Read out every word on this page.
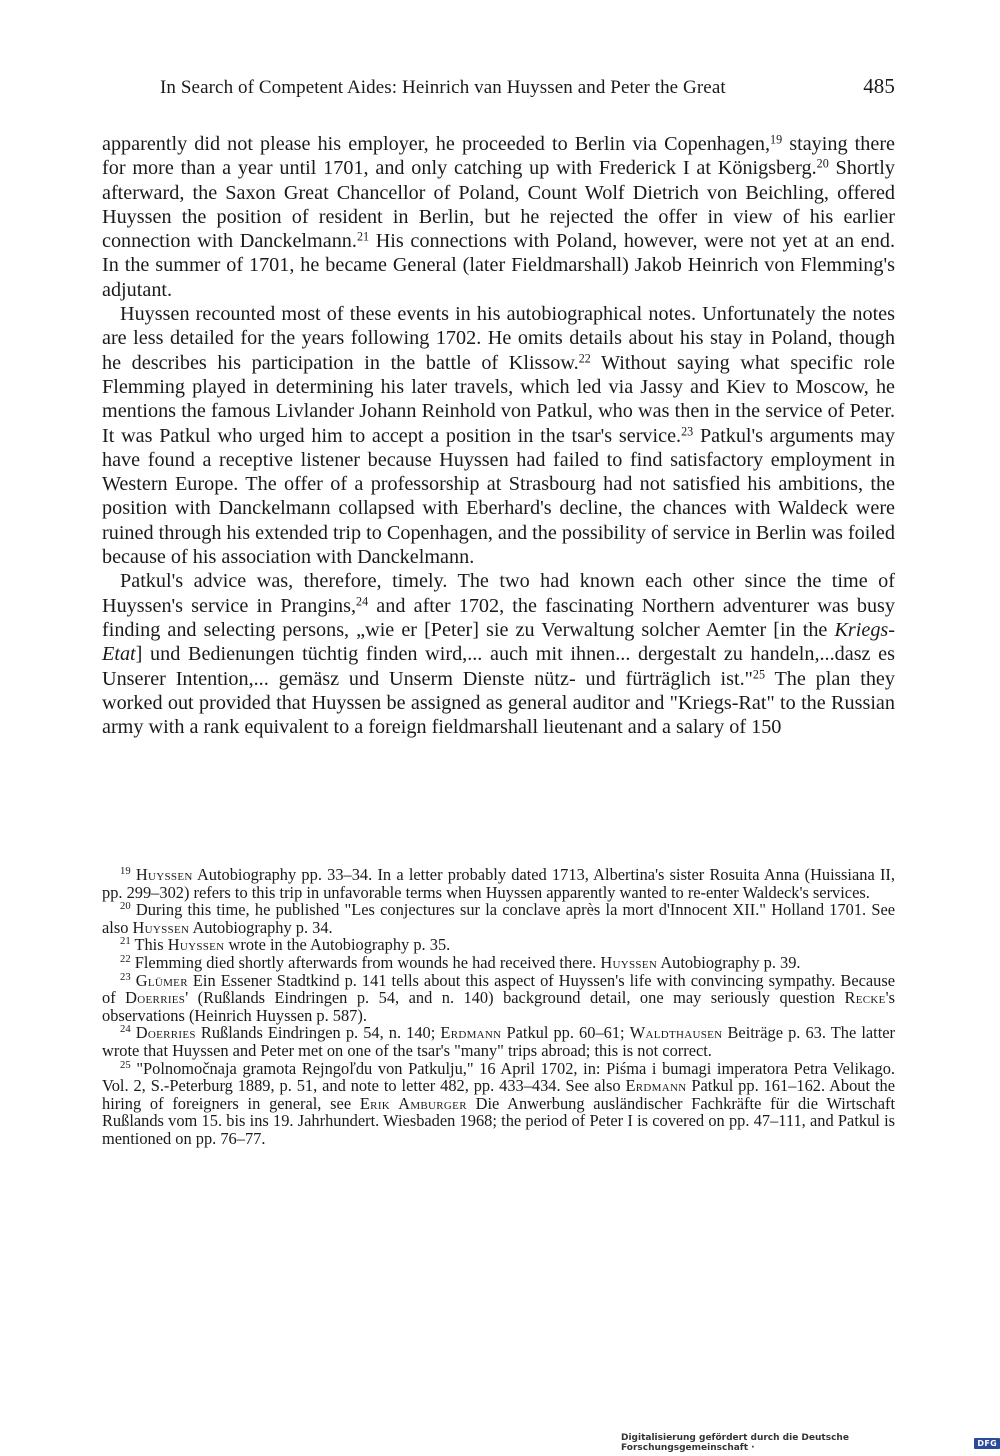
In Search of Competent Aides: Heinrich van Huyssen and Peter the Great	485

apparently did not please his employer, he proceeded to Berlin via Copenhagen,$^{19}$ staying there for more than a year until 1701, and only catching up with Frederick I at Königsberg.$^{20}$ Shortly afterward, the Saxon Great Chancellor of Poland, Count Wolf Dietrich von Beichling, offered Huyssen the position of resident in Berlin, but he rejected the offer in view of his earlier connection with Danckelmann.$^{21}$ His connections with Poland, however, were not yet at an end. In the summer of 1701, he became General (later Fieldmarshall) Jakob Heinrich von Flemming's adjutant.

Huyssen recounted most of these events in his autobiographical notes. Unfortunately the notes are less detailed for the years following 1702. He omits details about his stay in Poland, though he describes his participation in the battle of Klissow.$^{22}$ Without saying what specific role Flemming played in determining his later travels, which led via Jassy and Kiev to Moscow, he mentions the famous Livlander Johann Reinhold von Patkul, who was then in the service of Peter. It was Patkul who urged him to accept a position in the tsar's service.$^{23}$ Patkul's arguments may have found a receptive listener because Huyssen had failed to find satisfactory employment in Western Europe. The offer of a professorship at Strasbourg had not satisfied his ambitions, the position with Danckelmann collapsed with Eberhard's decline, the chances with Waldeck were ruined through his extended trip to Copenhagen, and the possibility of service in Berlin was foiled because of his association with Danckelmann.

Patkul's advice was, therefore, timely. The two had known each other since the time of Huyssen's service in Prangins,$^{24}$ and after 1702, the fascinating Northern adventurer was busy finding and selecting persons, „wie er [Peter] sie zu Verwaltung solcher Aemter [in the Kriegs-Etat] und Bedienungen tüchtig finden wird,... auch mit ihnen... dergestalt zu handeln,...dasz es Unserer Intention,... gemäsz und Unserm Dienste nütz- und fürträglich ist."$^{25}$ The plan they worked out provided that Huyssen be assigned as general auditor and "Kriegs-Rat" to the Russian army with a rank equivalent to a foreign fieldmarshall lieutenant and a salary of 150

$^{19}$ Huyssen Autobiography pp. 33–34. In a letter probably dated 1713, Albertina's sister Rosuita Anna (Huissiana II, pp. 299–302) refers to this trip in unfavorable terms when Huyssen apparently wanted to re-enter Waldeck's services.

$^{20}$ During this time, he published "Les conjectures sur la conclave après la mort d'Innocent XII." Holland 1701. See also Huyssen Autobiography p. 34.

$^{21}$ This Huyssen wrote in the Autobiography p. 35.

$^{22}$ Flemming died shortly afterwards from wounds he had received there. Huyssen Autobiography p. 39.

$^{23}$ Glümer Ein Essener Stadtkind p. 141 tells about this aspect of Huyssen's life with convincing sympathy. Because of Doerries' (Rußlands Eindringen p. 54, and n. 140) background detail, one may seriously question Recke's observations (Heinrich Huyssen p. 587).

$^{24}$ Doerries Rußlands Eindringen p. 54, n. 140; Erdmann Patkul pp. 60–61; Waldthausen Beiträge p. 63. The latter wrote that Huyssen and Peter met on one of the tsar's "many" trips abroad; this is not correct.

$^{25}$ "Polnomočnaja gramota Rejngoľdu von Patkulju," 16 April 1702, in: Piśma i bumagi imperatora Petra Velikago. Vol. 2, S.-Peterburg 1889, p. 51, and note to letter 482, pp. 433–434. See also Erdmann Patkul pp. 161–162. About the hiring of foreigners in general, see Erik Amburger Die Anwerbung ausländischer Fachkräfte für die Wirtschaft Rußlands vom 15. bis ins 19. Jahrhundert. Wiesbaden 1968; the period of Peter I is covered on pp. 47–111, and Patkul is mentioned on pp. 76–77.

Digitalisierung gefördert durch die Deutsche Forschungsgemeinschaft ·	DFG
